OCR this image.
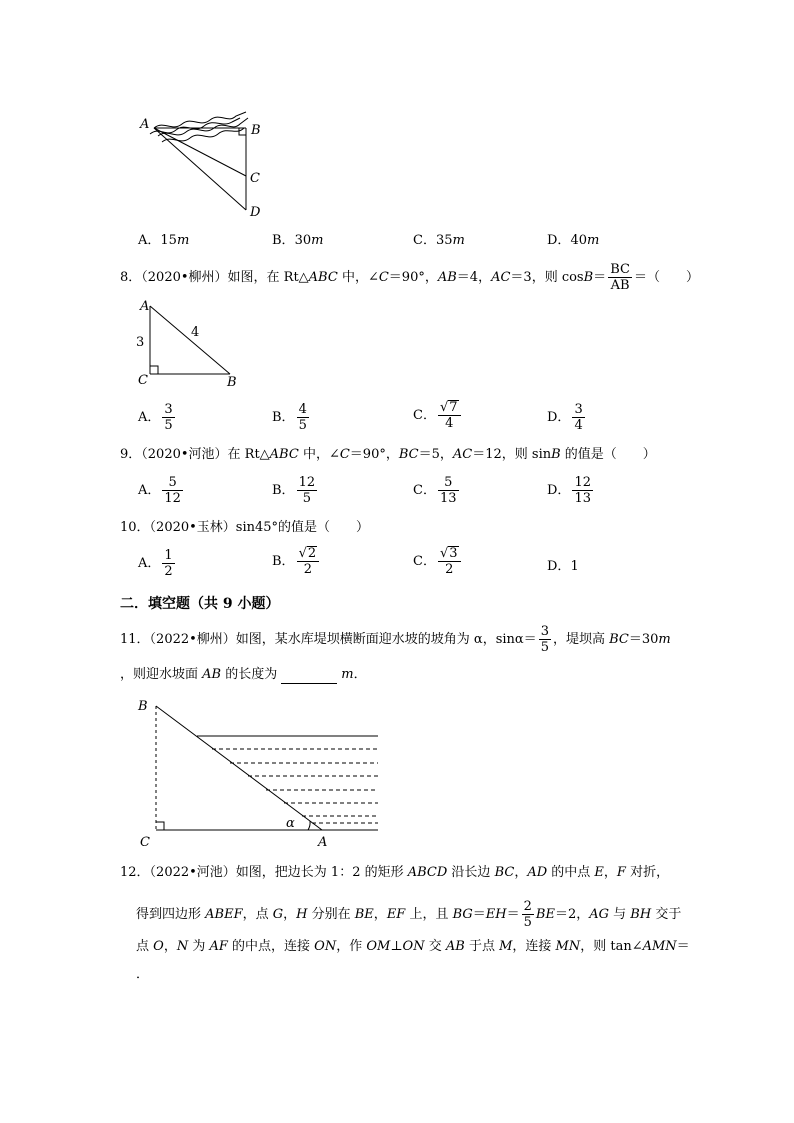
A	B
C
D
A．15m	B．30m	C．35m	D．40m
8．（2020•柳州）如图，在 Rt△ABC 中，∠C＝90°，AB＝4，AC＝3，则 $\cos B= \frac{BC}{AB}$ ＝（　　）
A
C	B
3
4
A． $\frac{3}{5}$	B． $\frac{4}{5}$	C． $\frac{√7}{4}$	D． $\frac{3}{4}$
9．（2020•河池）在 Rt△ABC 中，∠C＝90°，BC＝5，AC＝12，则 sinB 的值是（　　）
A． $\frac{5}{12}$	B． $\frac{12}{5}$	C． $\frac{5}{13}$	D． $\frac{12}{13}$
10．（2020•玉林）sin45°的值是（　　）
A． $\frac{1}{2}$	B． $\frac{√2}{2}$	C． $\frac{√3}{2}$	D．1
二．填空题（共 9 小题）
11．（2022•柳州）如图，某水库堤坝横断面迎水坡的坡角为 α，$\sin\alpha= \frac{3}{5}$ ，堤坝高 BC＝30m
，则迎水坡面 AB 的长度为	m．
B
C	A
α
12．（2022•河池）如图，把边长为 1：2 的矩形 ABCD 沿长边 BC，AD 的中点 E，F 对折，
得到四边形 ABEF，点 G，H 分别在 BE，EF 上，且 $BG=EH= \frac{2}{5} BE=2$，AG 与 BH 交于
点 O，N 为 AF 的中点，连接 ON，作 OM⊥ON 交 AB 于点 M，连接 MN，则 tan∠AMN＝
．
